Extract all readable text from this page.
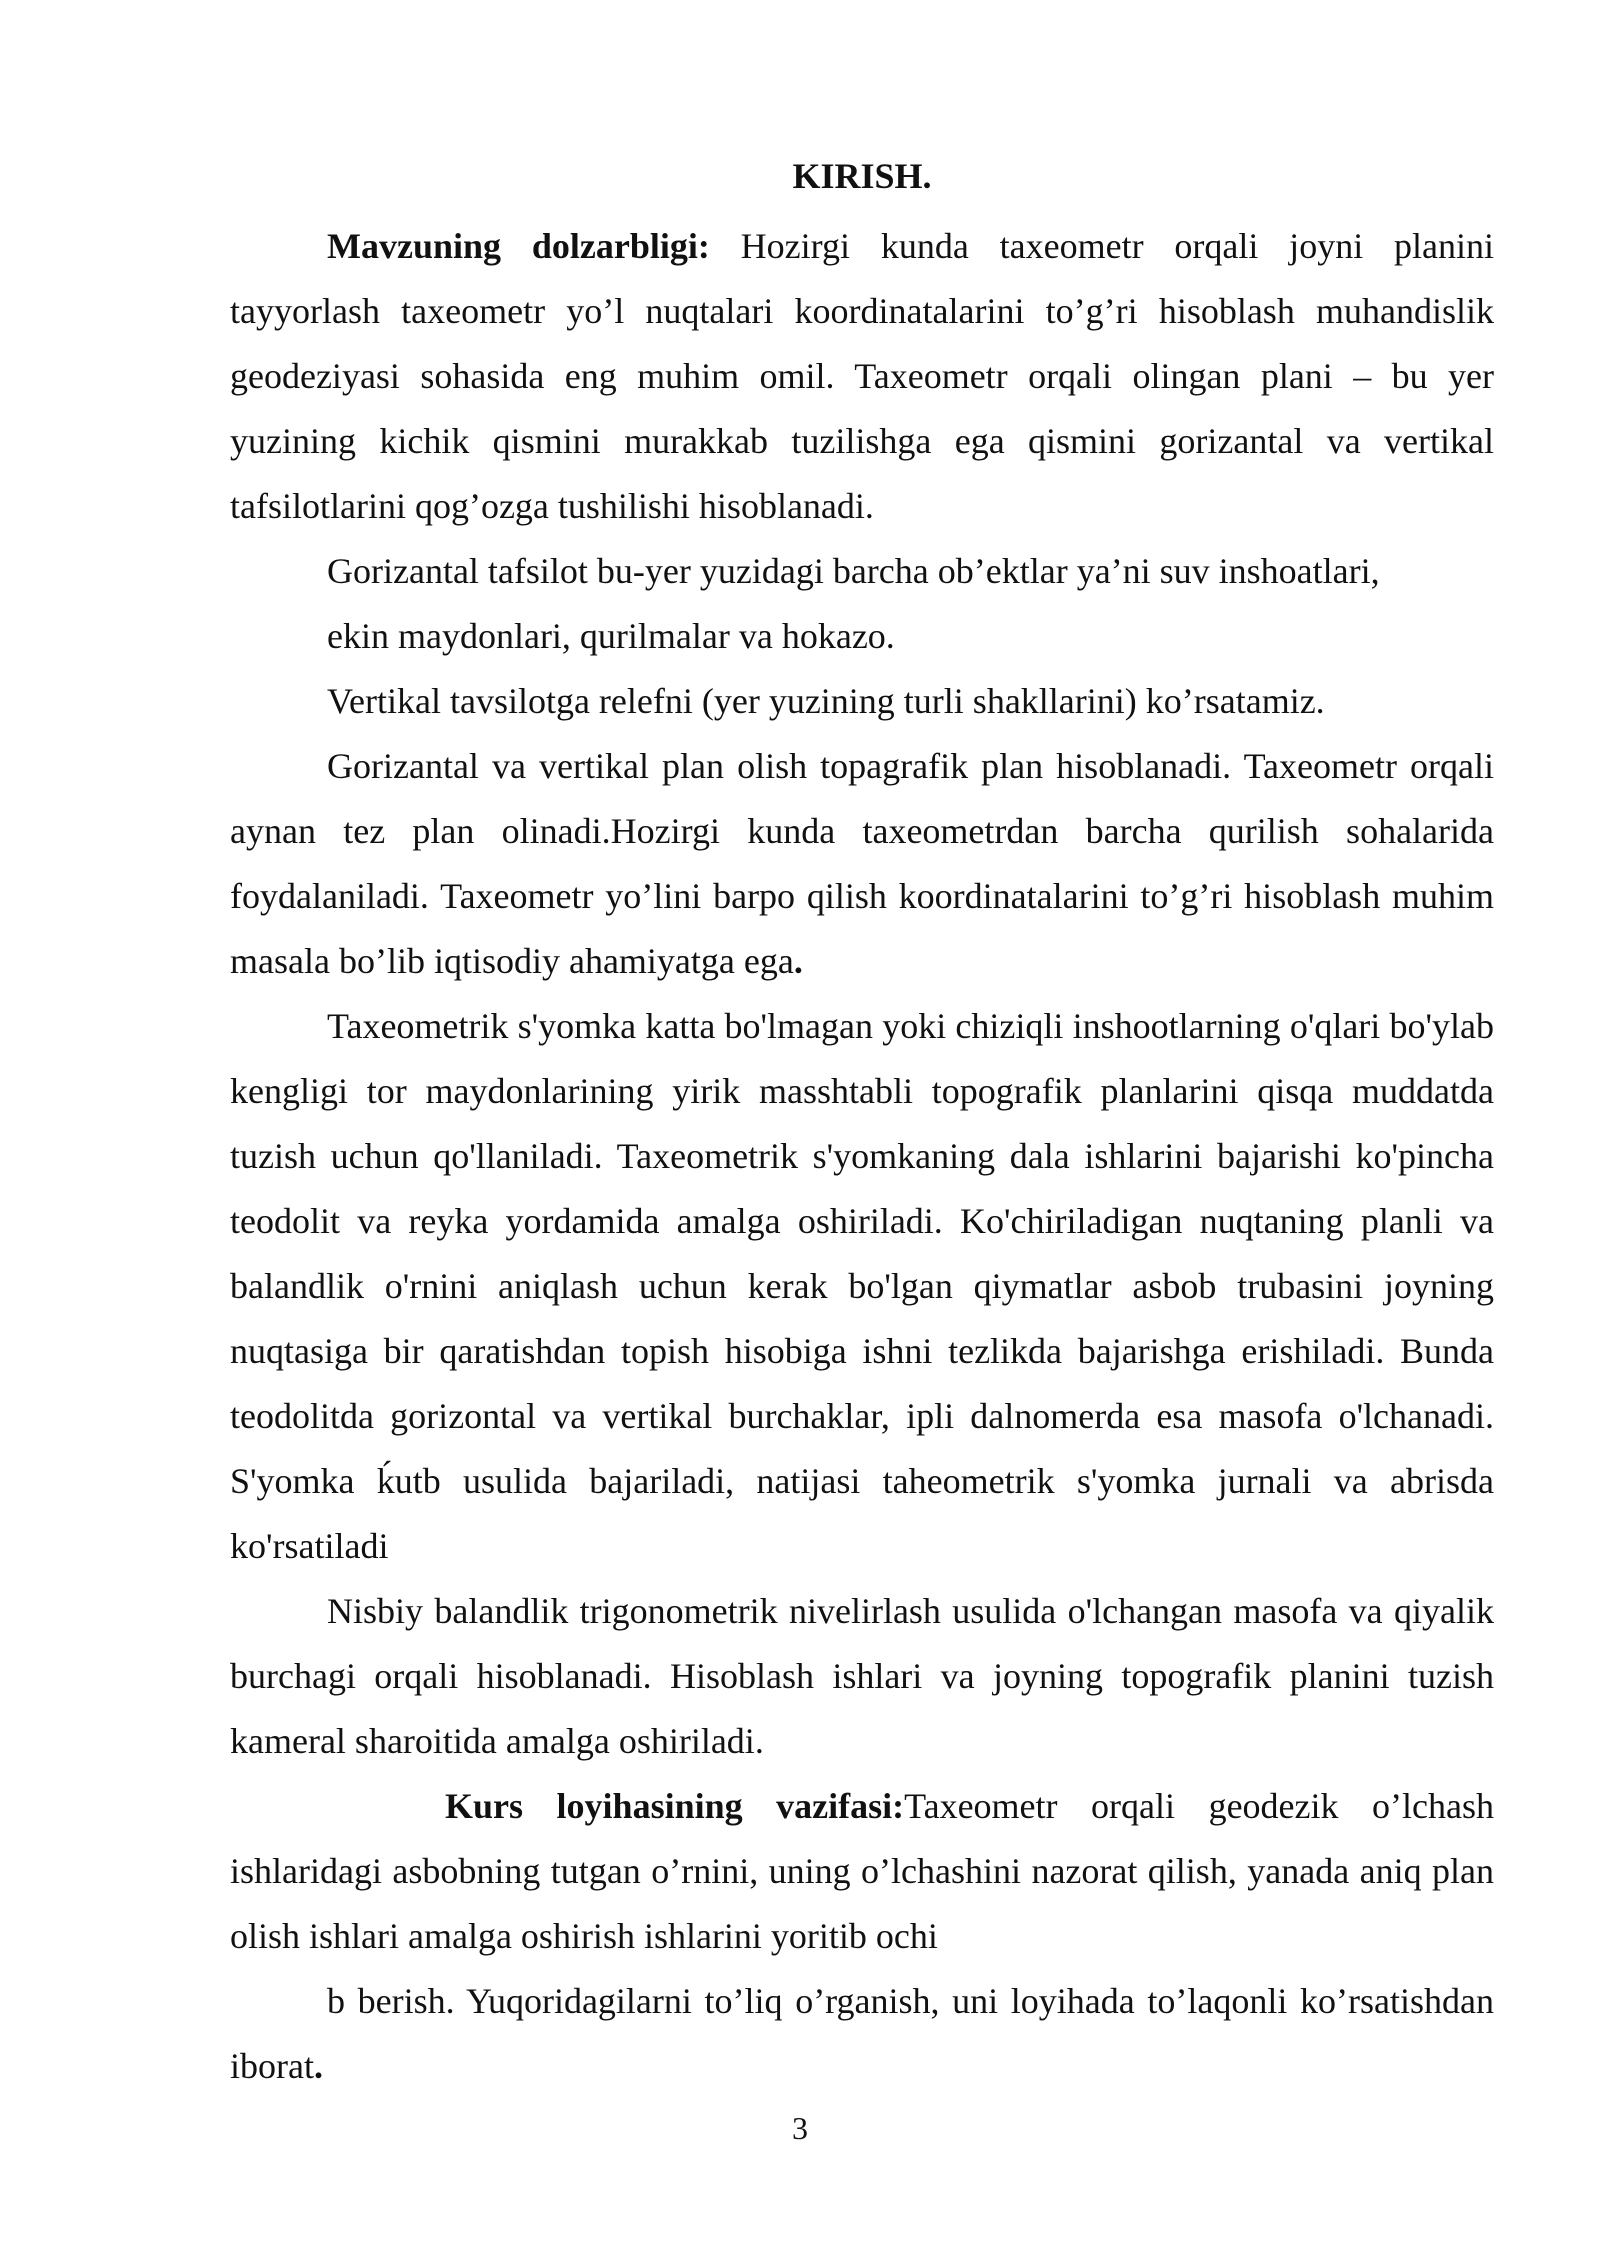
KIRISH.

Mavzuning dolzarbligi: Hozirgi kunda taxeometr orqali joyni planini tayyorlash taxeometr yo’l nuqtalari koordinatalarini to’g’ri hisoblash muhandislik geodeziyasi sohasida eng muhim omil. Taxeometr orqali olingan plani – bu yer yuzining kichik qismini murakkab tuzilishga ega qismini gorizantal va vertikal tafsilotlarini qog’ozga tushilishi hisoblanadi.

Gorizantal tafsilot bu-yer yuzidagi barcha ob’ektlar ya’ni suv inshoatlari,

ekin maydonlari, qurilmalar va hokazo.

Vertikal tavsilotga relefni (yer yuzining turli shakllarini) ko’rsatamiz.

Gorizantal va vertikal plan olish topagrafik plan hisoblanadi. Taxeometr orqali aynan tez plan olinadi.Hozirgi kunda taxeometrdan barcha qurilish sohalarida foydalaniladi. Taxeometr yo’lini barpo qilish koordinatalarini to’g’ri hisoblash muhim masala bo’lib iqtisodiy ahamiyatga ega.

Taxeometrik s'yomka katta bo'lmagan yoki chiziqli inshootlarning o'qlari bo'ylab kengligi tor maydonlarining yirik masshtabli topografik planlarini qisqa muddatda tuzish uchun qo'llaniladi. Taxeometrik s'yomkaning dala ishlarini bajarishi ko'pincha teodolit va reyka yordamida amalga oshiriladi. Ko'chiriladigan nuqtaning planli va balandlik o'rnini aniqlash uchun kerak bo'lgan qiymatlar asbob trubasini joyning nuqtasiga bir qaratishdan topish hisobiga ishni tezlikda bajarishga erishiladi. Bunda teodolitda gorizontal va vertikal burchaklar, ipli dalnomerda esa masofa o'lchanadi. S'yomka ḱutb usulida bajariladi, natijasi taheometrik s'yomka jurnali va abrisda ko'rsatiladi

Nisbiy balandlik trigonometrik nivelirlash usulida o'lchangan masofa va qiyalik burchagi orqali hisoblanadi. Hisoblash ishlari va joyning topografik planini tuzish kameral sharoitida amalga oshiriladi.

Kurs loyihasining vazifasi:Taxeometr orqali geodezik o’lchash ishlaridagi asbobning tutgan o’rnini, uning o’lchashini nazorat qilish, yanada aniq plan olish ishlari amalga oshirish ishlarini yoritib ochi

b berish. Yuqoridagilarni to’liq o’rganish, uni loyihada to’laqonli ko’rsatishdan iborat.

3
